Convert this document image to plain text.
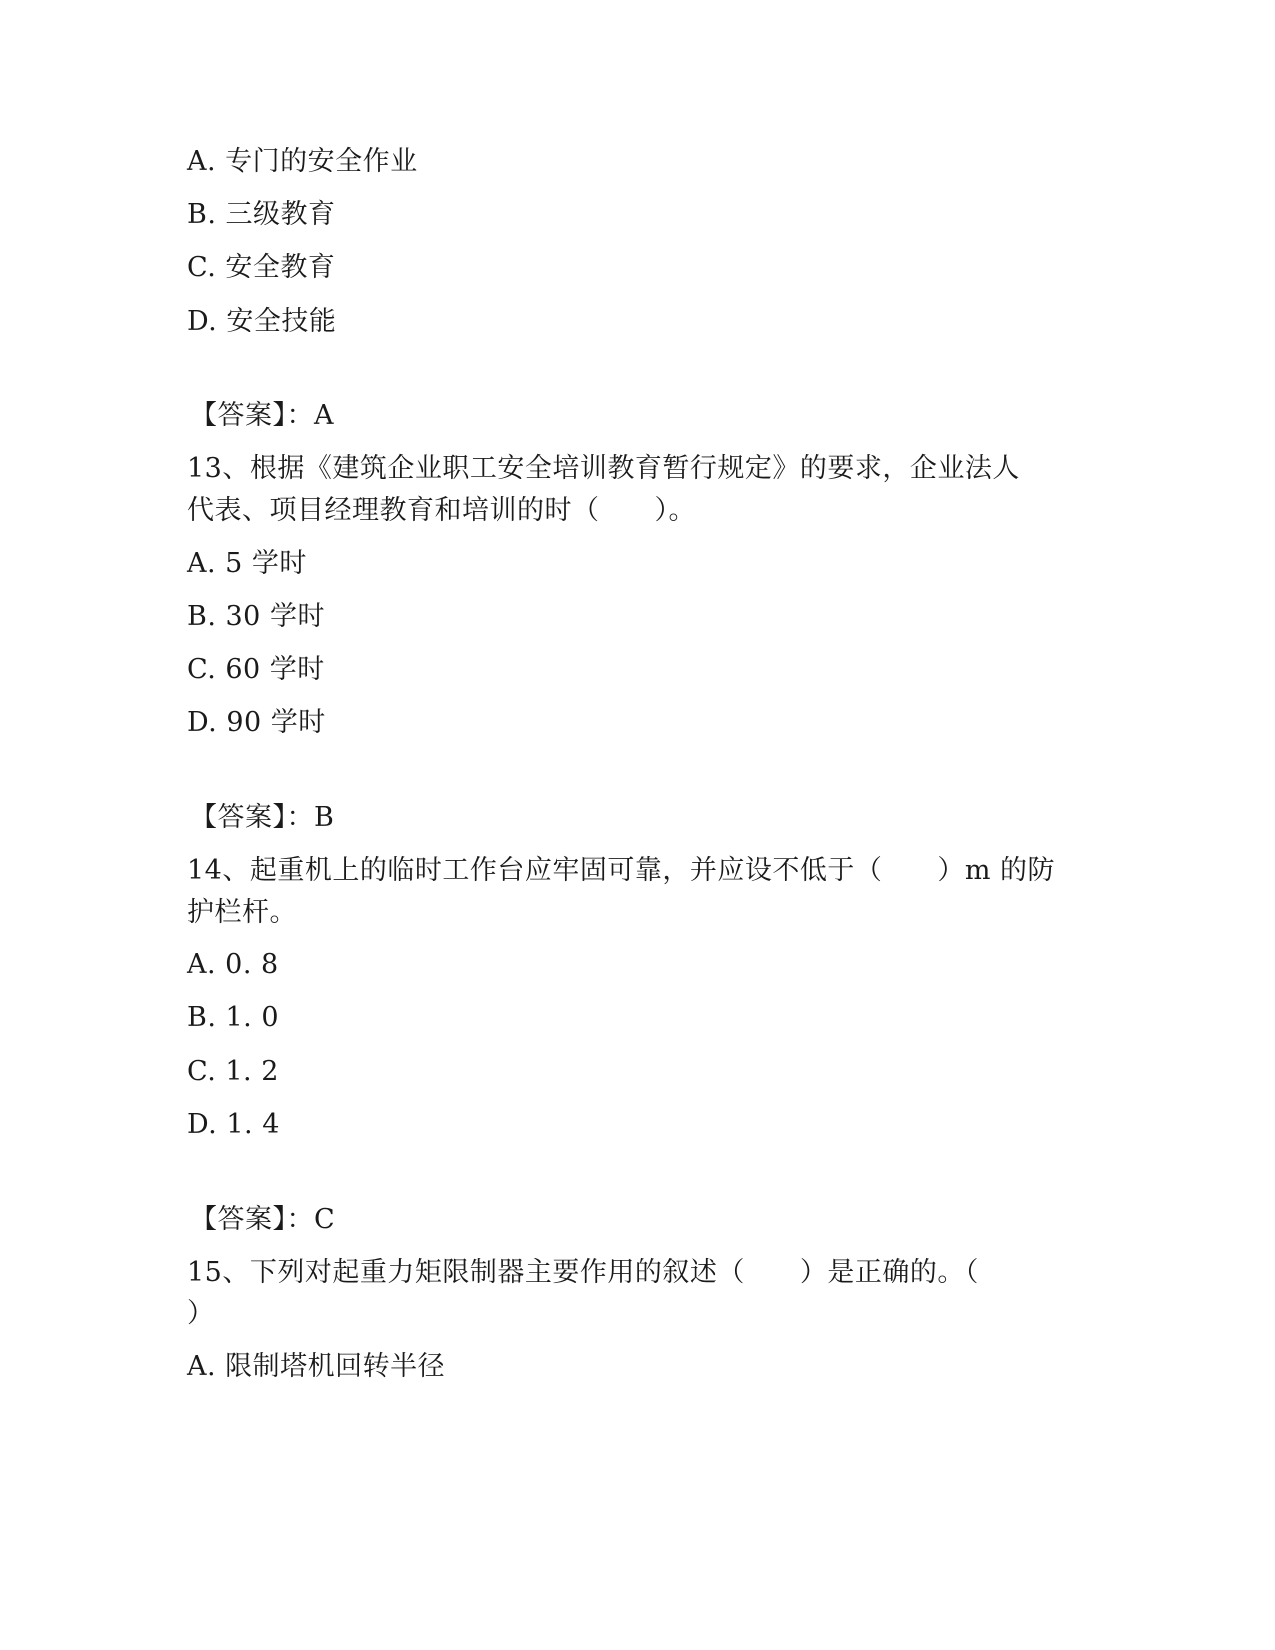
A. 专门的安全作业
B. 三级教育
C. 安全教育
D. 安全技能
【答案】：A
13、根据《建筑企业职工安全培训教育暂行规定》的要求，企业法人
代表、项目经理教育和培训的时（　　）。
A. 5 学时
B. 30 学时
C. 60 学时
D. 90 学时
【答案】：B
14、起重机上的临时工作台应牢固可靠，并应设不低于（　　）m 的防
护栏杆。
A. 0. 8
B. 1. 0
C. 1. 2
D. 1. 4
【答案】：C
15、下列对起重力矩限制器主要作用的叙述（　　）是正确的。（
）
A. 限制塔机回转半径
